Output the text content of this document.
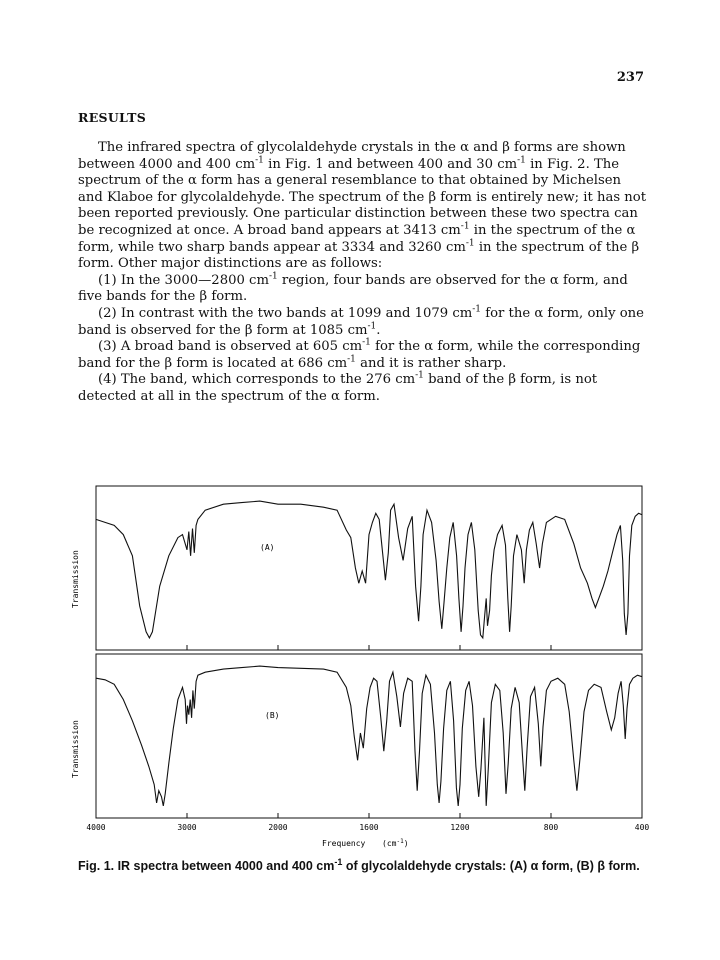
237
RESULTS

The infrared spectra of glycolaldehyde crystals in the α and β forms are shown between 4000 and 400 $cm^{-1}$ in Fig. 1 and between 400 and 30 $cm^{-1}$ in Fig. 2. The spectrum of the α form has a general resemblance to that obtained by Michelsen and Klaboe for glycolaldehyde. The spectrum of the β form is entirely new; it has not been reported previously. One particular distinction between these two spectra can be recognized at once. A broad band appears at 3413 $cm^{-1}$ in the spectrum of the α form, while two sharp bands appear at 3334 and 3260 $cm^{-1}$ in the spectrum of the β form. Other major distinctions are as follows:

(1) In the 3000—2800 $cm^{-1}$ region, four bands are observed for the α form, and five bands for the β form.

(2) In contrast with the two bands at 1099 and 1079 $cm^{-1}$ for the α form, only one band is observed for the β form at 1085 $cm^{-1}$.

(3) A broad band is observed at 605 $cm^{-1}$ for the α form, while the corresponding band for the β form is located at 686 $cm^{-1}$ and it is rather sharp.

(4) The band, which corresponds to the 276 $cm^{-1}$ band of the β form, is not detected at all in the spectrum of the α form.

(A)
Transmission
(B)
Transmission
4000	3000	2000	1600	1200	800	400
Frequency $(cm^{-1})$
Fig. 1. IR spectra between 4000 and 400 $cm^{-1}$ of glycolaldehyde crystals: (A) α form, (B) β form.
